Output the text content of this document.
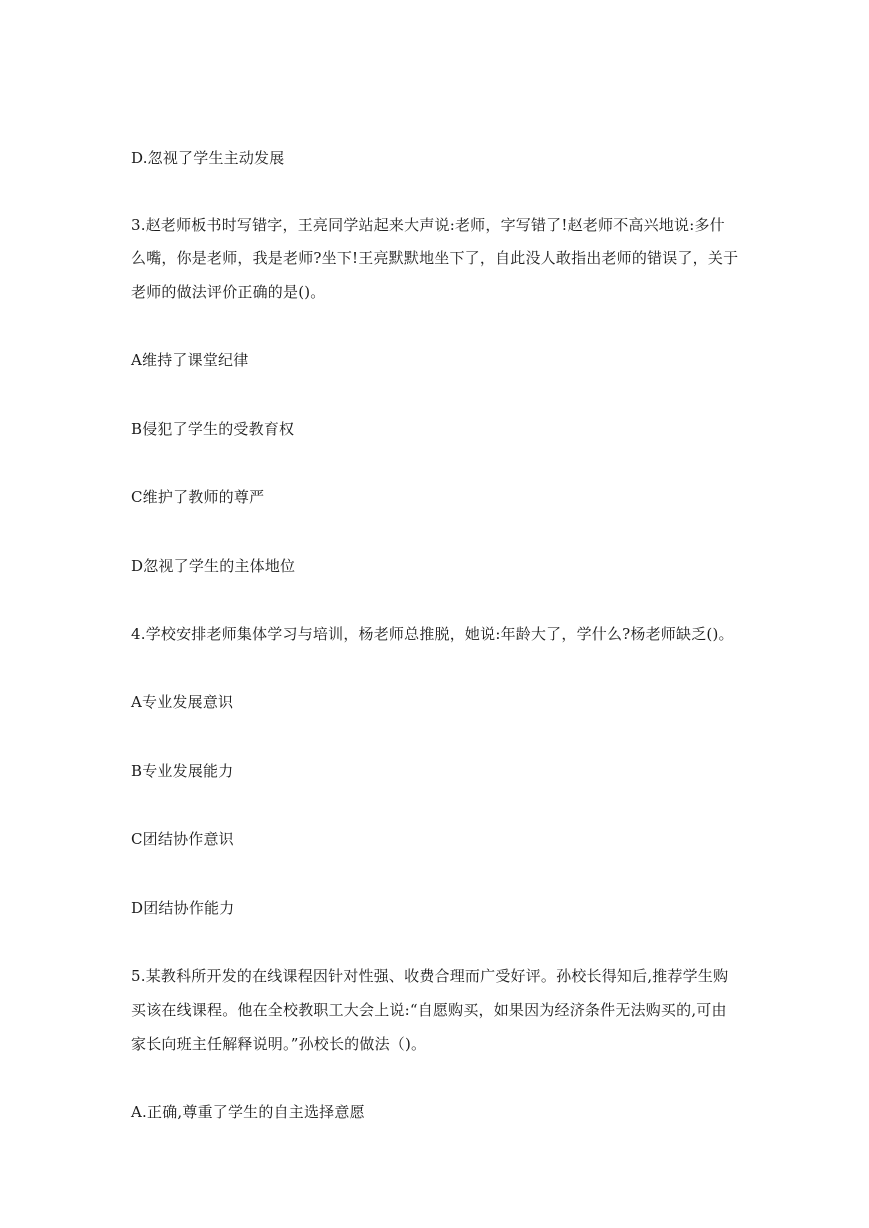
D.忽视了学生主动发展
3.赵老师板书时写错字，王亮同学站起来大声说:老师，字写错了!赵老师不高兴地说:多什
么嘴，你是老师，我是老师?坐下!王亮默默地坐下了，自此没人敢指出老师的错误了，关于
老师的做法评价正确的是()。
A维持了课堂纪律
B侵犯了学生的受教育权
C维护了教师的尊严
D忽视了学生的主体地位
4.学校安排老师集体学习与培训，杨老师总推脱，她说:年龄大了，学什么?杨老师缺乏()。
A专业发展意识
B专业发展能力
C团结协作意识
D团结协作能力
5.某教科所开发的在线课程因针对性强、收费合理而广受好评。孙校长得知后,推荐学生购
买该在线课程。他在全校教职工大会上说:“自愿购买，如果因为经济条件无法购买的,可由
家长向班主任解释说明。”孙校长的做法（)。
A.正确,尊重了学生的自主选择意愿
